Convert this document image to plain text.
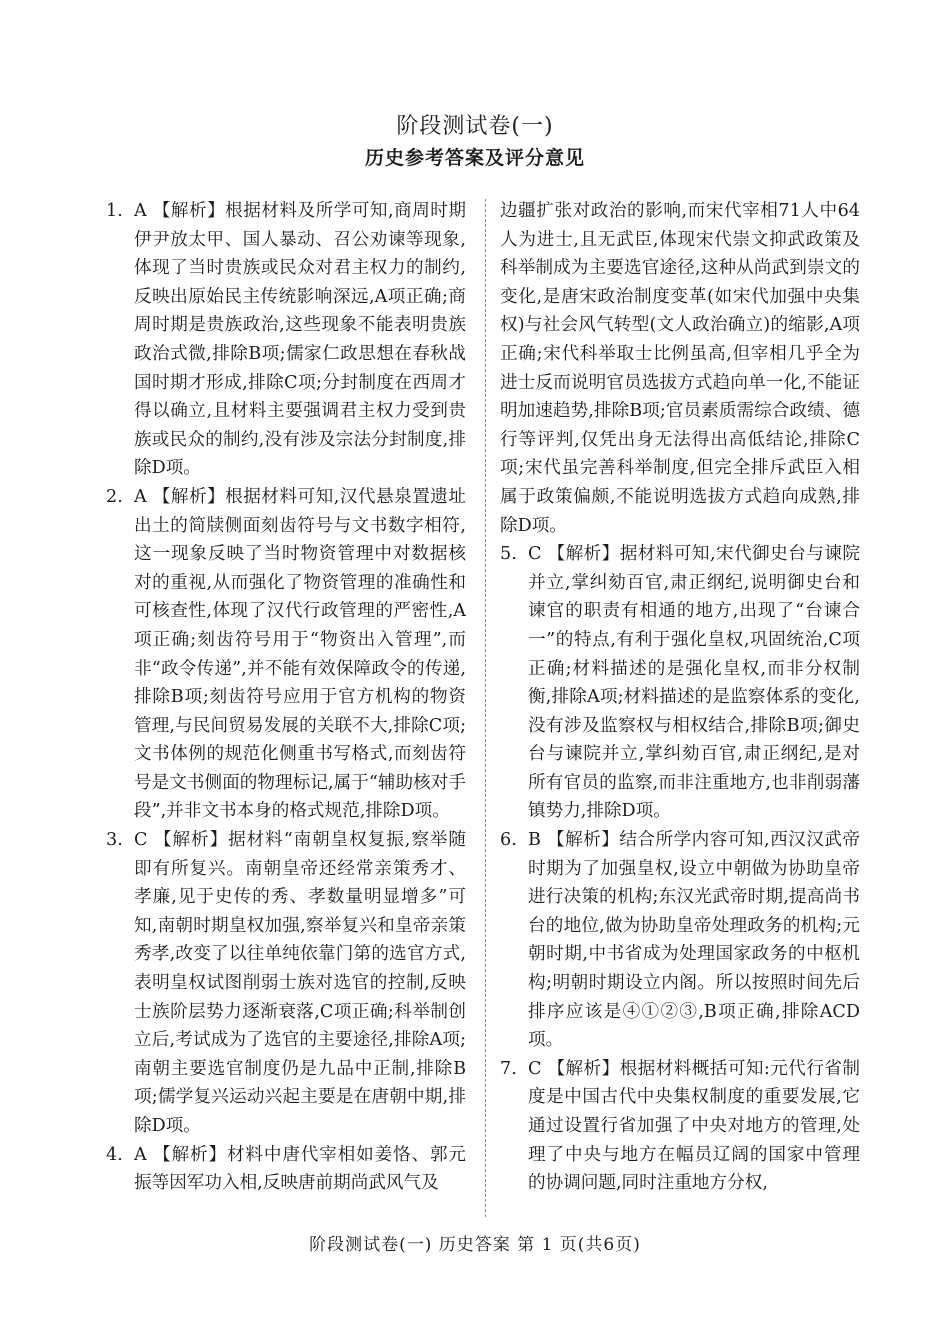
阶段测试卷(一)
历史参考答案及评分意见

1. A 【解析】根据材料及所学可知,商周时期伊尹放太甲、国人暴动、召公劝谏等现象,体现了当时贵族或民众对君主权力的制约,反映出原始民主传统影响深远,A项正确;商周时期是贵族政治,这些现象不能表明贵族政治式微,排除B项;儒家仁政思想在春秋战国时期才形成,排除C项;分封制度在西周才得以确立,且材料主要强调君主权力受到贵族或民众的制约,没有涉及宗法分封制度,排除D项。

2. A 【解析】根据材料可知,汉代悬泉置遗址出土的简牍侧面刻齿符号与文书数字相符,这一现象反映了当时物资管理中对数据核对的重视,从而强化了物资管理的准确性和可核查性,体现了汉代行政管理的严密性,A项正确;刻齿符号用于“物资出入管理”,而非“政令传递”,并不能有效保障政令的传递,排除B项;刻齿符号应用于官方机构的物资管理,与民间贸易发展的关联不大,排除C项;文书体例的规范化侧重书写格式,而刻齿符号是文书侧面的物理标记,属于“辅助核对手段”,并非文书本身的格式规范,排除D项。

3. C 【解析】据材料“南朝皇权复振,察举随即有所复兴。南朝皇帝还经常亲策秀才、孝廉,见于史传的秀、孝数量明显增多”可知,南朝时期皇权加强,察举复兴和皇帝亲策秀孝,改变了以往单纯依靠门第的选官方式,表明皇权试图削弱士族对选官的控制,反映士族阶层势力逐渐衰落,C项正确;科举制创立后,考试成为了选官的主要途径,排除A项;南朝主要选官制度仍是九品中正制,排除B项;儒学复兴运动兴起主要是在唐朝中期,排除D项。

4. A 【解析】材料中唐代宰相如姜恪、郭元振等因军功入相,反映唐前期尚武风气及

边疆扩张对政治的影响,而宋代宰相71人中64人为进士,且无武臣,体现宋代崇文抑武政策及科举制成为主要选官途径,这种从尚武到崇文的变化,是唐宋政治制度变革(如宋代加强中央集权)与社会风气转型(文人政治确立)的缩影,A项正确;宋代科举取士比例虽高,但宰相几乎全为进士反而说明官员选拔方式趋向单一化,不能证明加速趋势,排除B项;官员素质需综合政绩、德行等评判,仅凭出身无法得出高低结论,排除C项;宋代虽完善科举制度,但完全排斥武臣入相属于政策偏颇,不能说明选拔方式趋向成熟,排除D项。

5. C 【解析】据材料可知,宋代御史台与谏院并立,掌纠劾百官,肃正纲纪,说明御史台和谏官的职责有相通的地方,出现了“台谏合一”的特点,有利于强化皇权,巩固统治,C项正确;材料描述的是强化皇权,而非分权制衡,排除A项;材料描述的是监察体系的变化,没有涉及监察权与相权结合,排除B项;御史台与谏院并立,掌纠劾百官,肃正纲纪,是对所有官员的监察,而非注重地方,也非削弱藩镇势力,排除D项。

6. B 【解析】结合所学内容可知,西汉汉武帝时期为了加强皇权,设立中朝做为协助皇帝进行决策的机构;东汉光武帝时期,提高尚书台的地位,做为协助皇帝处理政务的机构;元朝时期,中书省成为处理国家政务的中枢机构;明朝时期设立内阁。所以按照时间先后排序应该是④①②③,B项正确,排除ACD项。

7. C 【解析】根据材料概括可知:元代行省制度是中国古代中央集权制度的重要发展,它通过设置行省加强了中央对地方的管理,处理了中央与地方在幅员辽阔的国家中管理的协调问题,同时注重地方分权,

阶段测试卷(一) 历史答案 第 1 页(共6页)
